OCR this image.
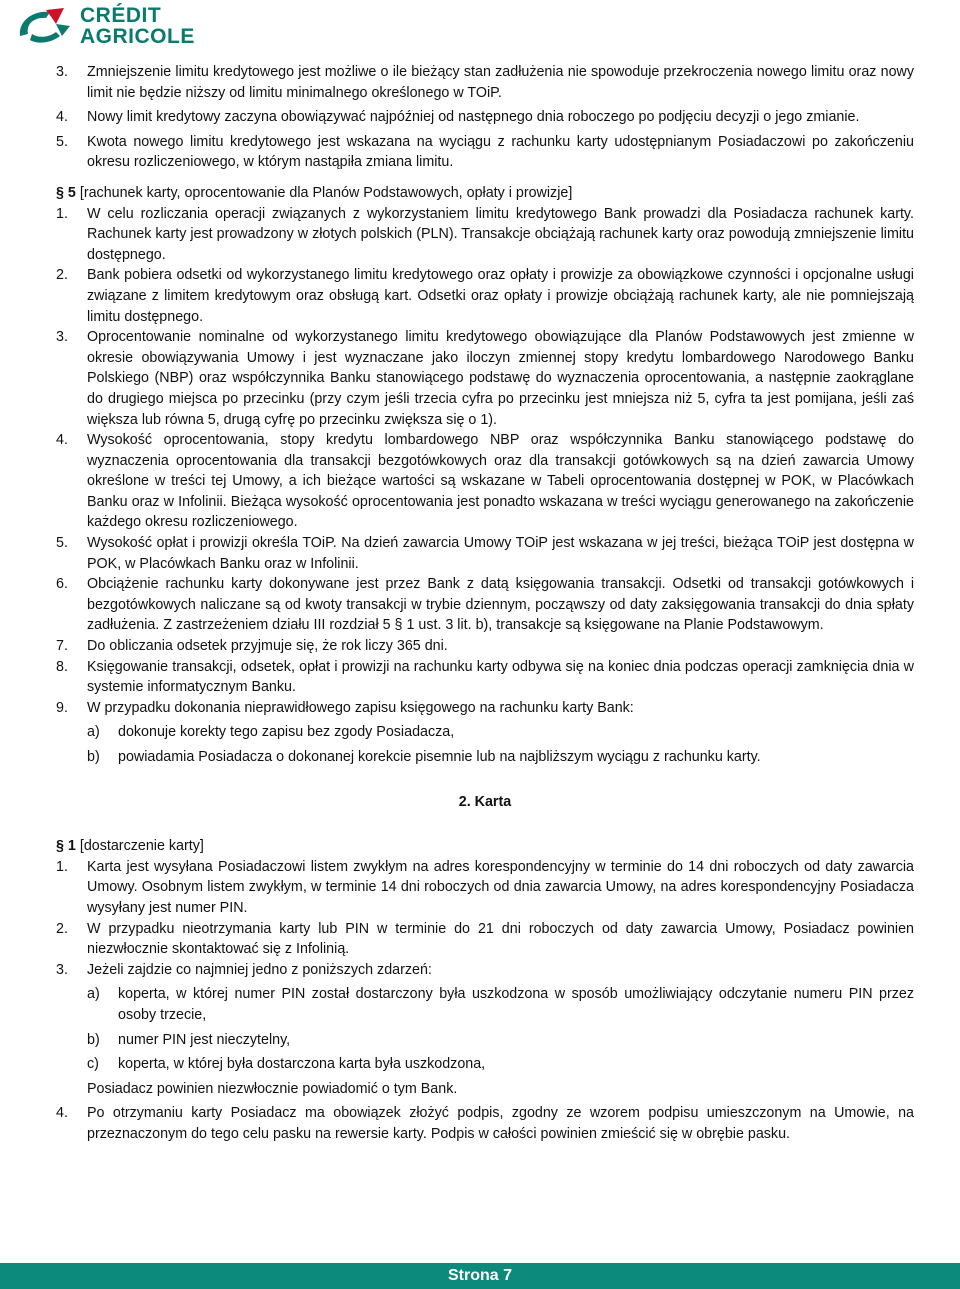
CRÉDIT
AGRICOLE
3.	Zmniejszenie limitu kredytowego jest możliwe o ile bieżący stan zadłużenia nie spowoduje przekroczenia nowego limitu oraz nowy limit nie będzie niższy od limitu minimalnego określonego w TOiP.
4.	Nowy limit kredytowy zaczyna obowiązywać najpóźniej od następnego dnia roboczego po podjęciu decyzji o jego zmianie.
5.	Kwota nowego limitu kredytowego jest wskazana na wyciągu z rachunku karty udostępnianym Posiadaczowi po zakończeniu okresu rozliczeniowego, w którym nastąpiła zmiana limitu.
§ 5 [rachunek karty, oprocentowanie dla Planów Podstawowych, opłaty i prowizje]
1.	W celu rozliczania operacji związanych z wykorzystaniem limitu kredytowego Bank prowadzi dla Posiadacza rachunek karty. Rachunek karty jest prowadzony w złotych polskich (PLN). Transakcje obciążają rachunek karty oraz powodują zmniejszenie limitu dostępnego.
2.	Bank pobiera odsetki od wykorzystanego limitu kredytowego oraz opłaty i prowizje za obowiązkowe czynności i opcjonalne usługi związane z limitem kredytowym oraz obsługą kart. Odsetki oraz opłaty i prowizje obciążają rachunek karty, ale nie pomniejszają limitu dostępnego.
3.	Oprocentowanie nominalne od wykorzystanego limitu kredytowego obowiązujące dla Planów Podstawowych jest zmienne w okresie obowiązywania Umowy i jest wyznaczane jako iloczyn zmiennej stopy kredytu lombardowego Narodowego Banku Polskiego (NBP) oraz współczynnika Banku stanowiącego podstawę do wyznaczenia oprocentowania, a następnie zaokrąglane do drugiego miejsca po przecinku (przy czym jeśli trzecia cyfra po przecinku jest mniejsza niż 5, cyfra ta jest pomijana, jeśli zaś większa lub równa 5, drugą cyfrę po przecinku zwiększa się o 1).
4.	Wysokość oprocentowania, stopy kredytu lombardowego NBP oraz współczynnika Banku stanowiącego podstawę do wyznaczenia oprocentowania dla transakcji bezgotówkowych oraz dla transakcji gotówkowych są na dzień zawarcia Umowy określone w treści tej Umowy, a ich bieżące wartości są wskazane w Tabeli oprocentowania dostępnej w POK, w Placówkach Banku oraz w Infolinii. Bieżąca wysokość oprocentowania jest ponadto wskazana w treści wyciągu generowanego na zakończenie każdego okresu rozliczeniowego.
5.	Wysokość opłat i prowizji określa TOiP. Na dzień zawarcia Umowy TOiP jest wskazana w jej treści, bieżąca TOiP jest dostępna w POK, w Placówkach Banku oraz w Infolinii.
6.	Obciążenie rachunku karty dokonywane jest przez Bank z datą księgowania transakcji. Odsetki od transakcji gotówkowych i bezgotówkowych naliczane są od kwoty transakcji w trybie dziennym, począwszy od daty zaksięgowania transakcji do dnia spłaty zadłużenia. Z zastrzeżeniem działu III rozdział 5 § 1 ust. 3 lit. b), transakcje są księgowane na Planie Podstawowym.
7.	Do obliczania odsetek przyjmuje się, że rok liczy 365 dni.
8.	Księgowanie transakcji, odsetek, opłat i prowizji na rachunku karty odbywa się na koniec dnia podczas operacji zamknięcia dnia w systemie informatycznym Banku.
9.	W przypadku dokonania nieprawidłowego zapisu księgowego na rachunku karty Bank:
a)	dokonuje korekty tego zapisu bez zgody Posiadacza,
b)	powiadamia Posiadacza o dokonanej korekcie pisemnie lub na najbliższym wyciągu z rachunku karty.
2. Karta
§ 1 [dostarczenie karty]
1.	Karta jest wysyłana Posiadaczowi listem zwykłym na adres korespondencyjny w terminie do 14 dni roboczych od daty zawarcia Umowy. Osobnym listem zwykłym, w terminie 14 dni roboczych od dnia zawarcia Umowy, na adres korespondencyjny Posiadacza wysyłany jest numer PIN.
2.	W przypadku nieotrzymania karty lub PIN w terminie do 21 dni roboczych od daty zawarcia Umowy, Posiadacz powinien niezwłocznie skontaktować się z Infolinią.
3.	Jeżeli zajdzie co najmniej jedno z poniższych zdarzeń:
a)	koperta, w której numer PIN został dostarczony była uszkodzona w sposób umożliwiający odczytanie numeru PIN przez osoby trzecie,
b)	numer PIN jest nieczytelny,
c)	koperta, w której była dostarczona karta była uszkodzona,
Posiadacz powinien niezwłocznie powiadomić o tym Bank.
4.	Po otrzymaniu karty Posiadacz ma obowiązek złożyć podpis, zgodny ze wzorem podpisu umieszczonym na Umowie, na przeznaczonym do tego celu pasku na rewersie karty. Podpis w całości powinien zmieścić się w obrębie pasku.
Strona 7
